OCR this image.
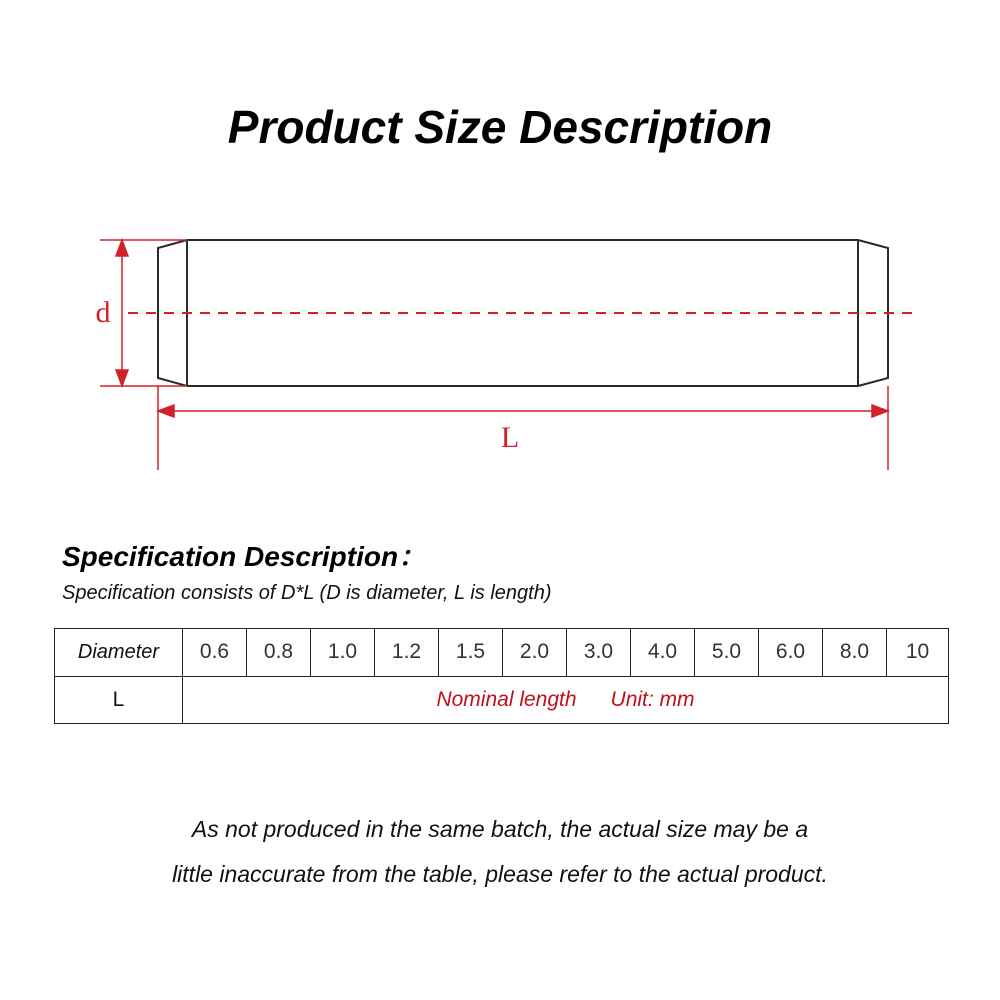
Product Size Description
d
L
Specification Description：
Specification consists of D*L (D is diameter, L is length)
Diameter	0.6	0.8	1.0	1.2	1.5	2.0	3.0	4.0	5.0	6.0	8.0	10
L	Nominal length Unit: mm											
As not produced in the same batch, the actual size may be a
little inaccurate from the table, please refer to the actual product.
